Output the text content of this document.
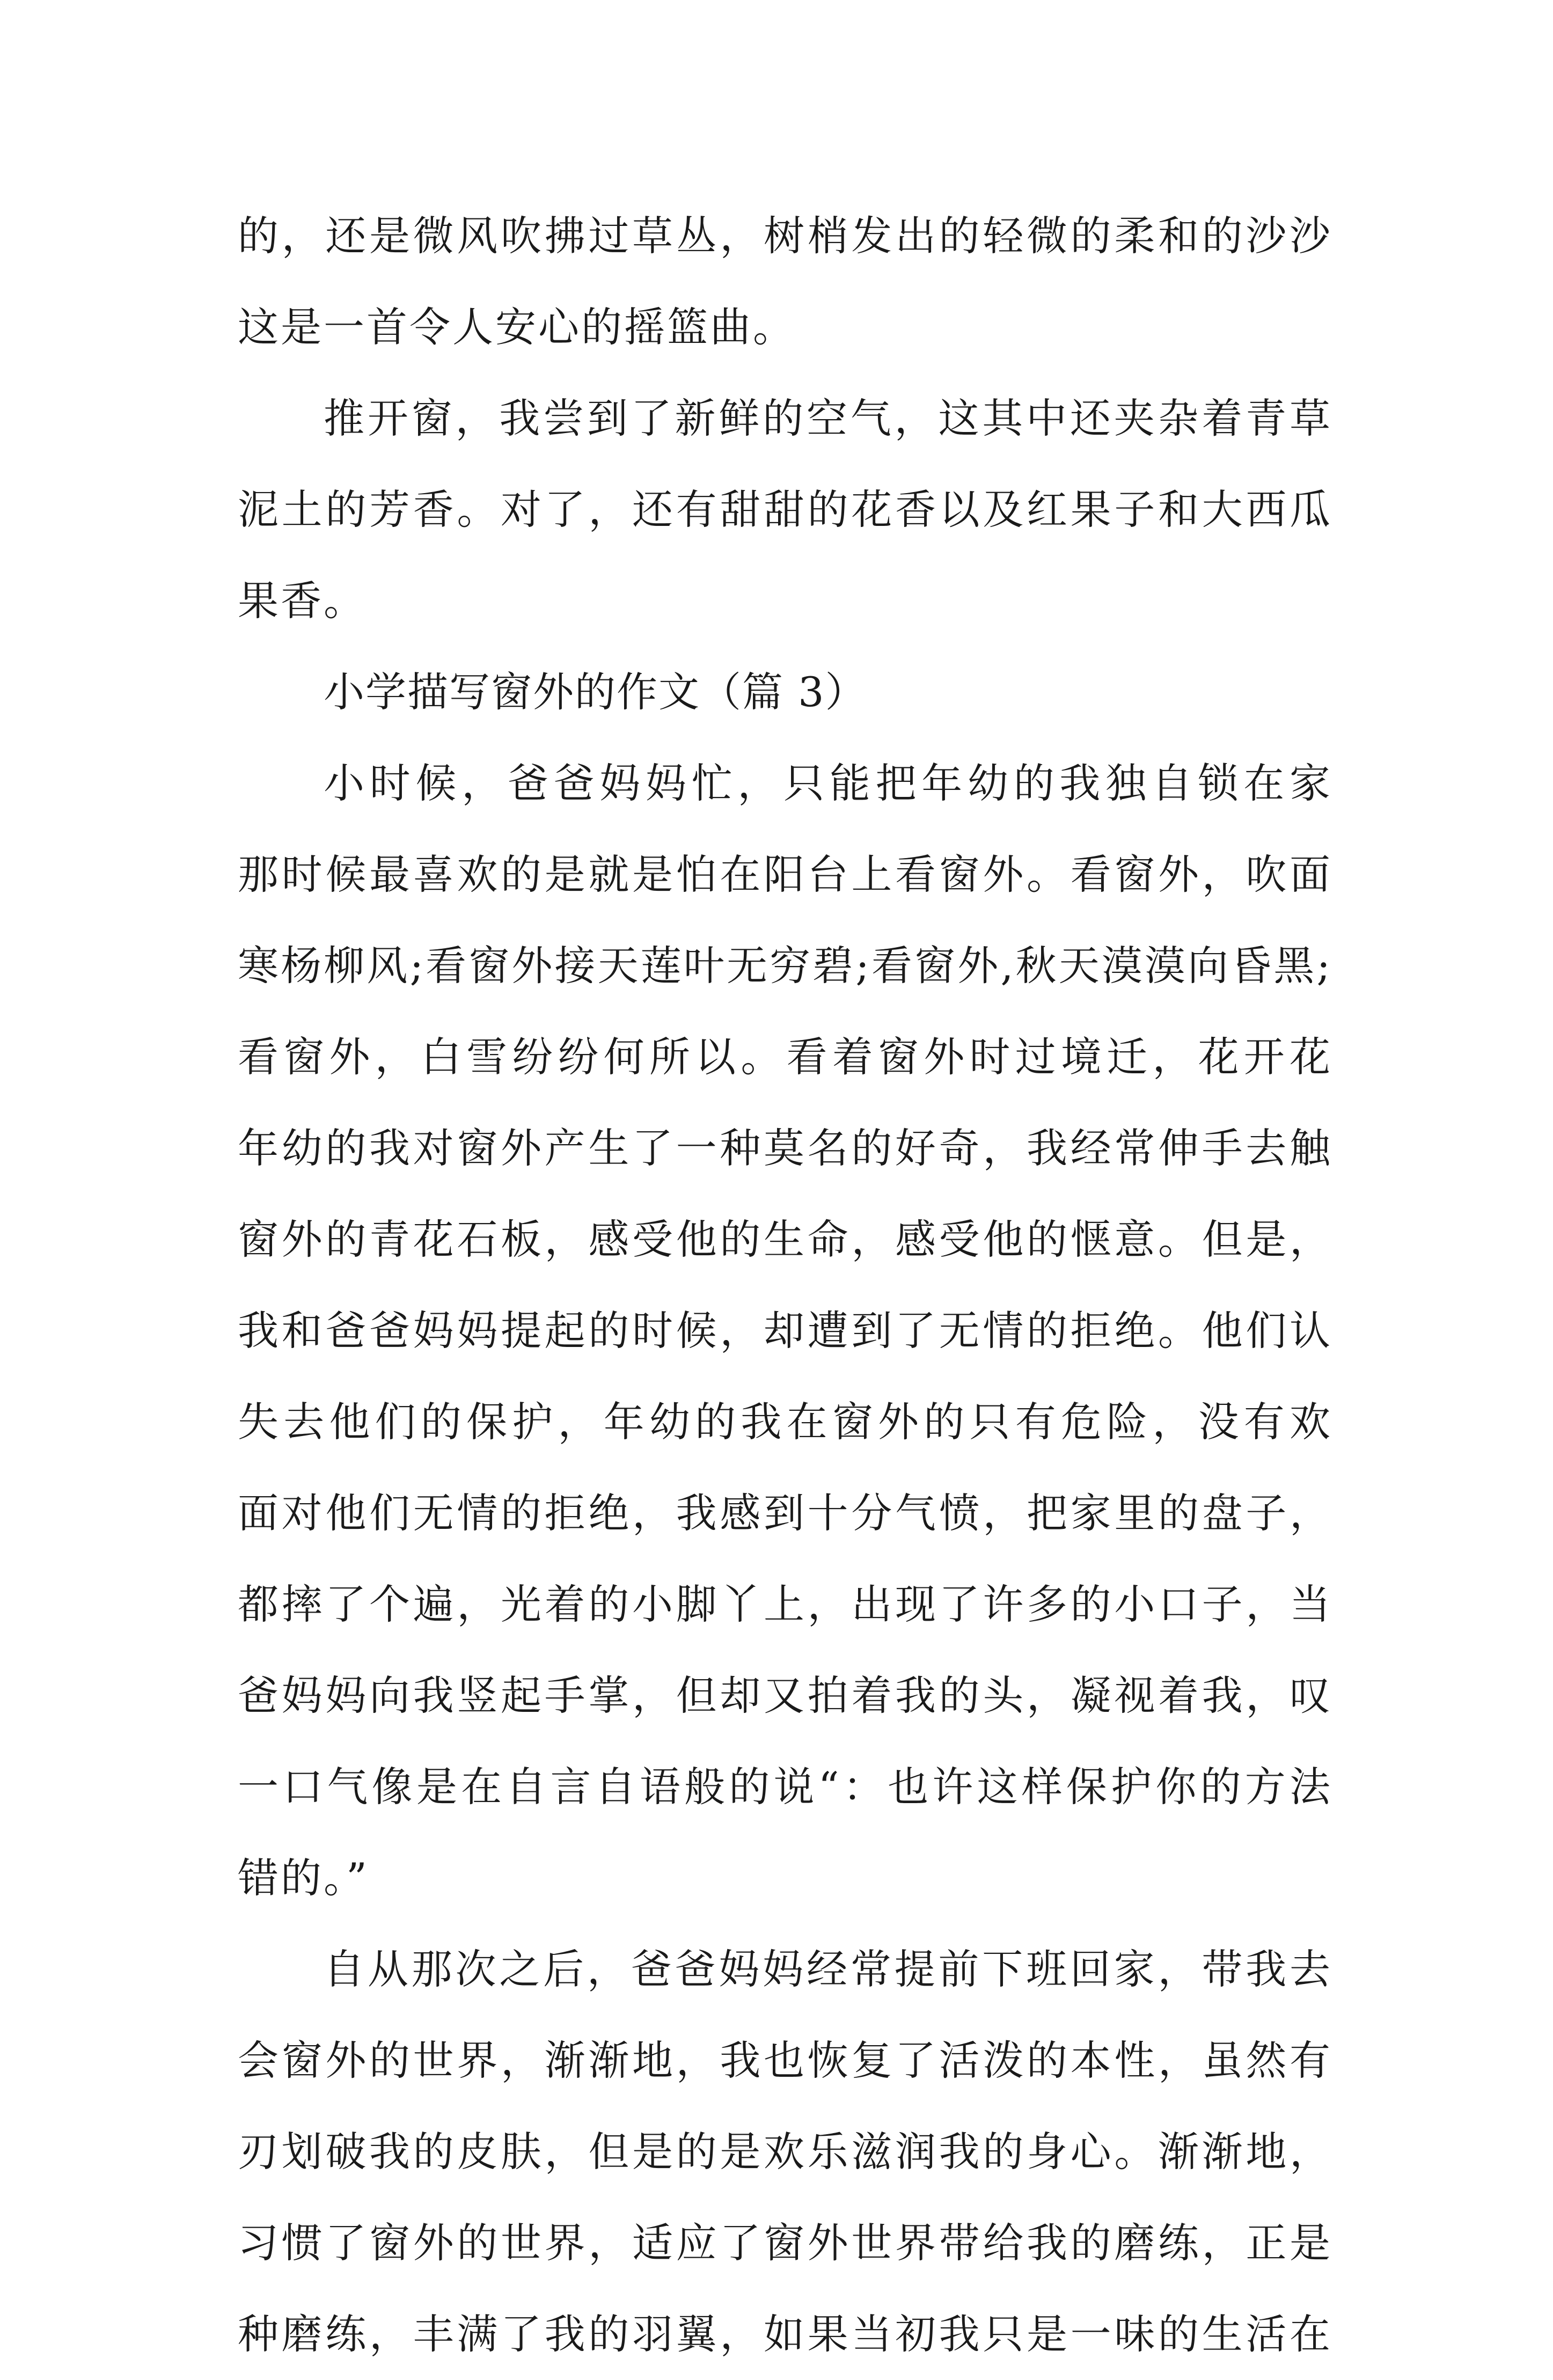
的，还是微风吹拂过草丛，树梢发出的轻微的柔和的沙沙
这是一首令人安心的摇篮曲。
推开窗，我尝到了新鲜的空气，这其中还夹杂着青草
泥土的芳香。对了，还有甜甜的花香以及红果子和大西瓜
果香。
小学描写窗外的作文（篇 3）
小时候，爸爸妈妈忙，只能把年幼的我独自锁在家
那时候最喜欢的是就是怕在阳台上看窗外。看窗外，吹面
寒杨柳风;看窗外接天莲叶无穷碧;看窗外,秋天漠漠向昏黑;
看窗外，白雪纷纷何所以。看着窗外时过境迁，花开花
年幼的我对窗外产生了一种莫名的好奇，我经常伸手去触
窗外的青花石板，感受他的生命，感受他的惬意。但是，
我和爸爸妈妈提起的时候，却遭到了无情的拒绝。他们认
失去他们的保护，年幼的我在窗外的只有危险，没有欢
面对他们无情的拒绝，我感到十分气愤，把家里的盘子，
都摔了个遍，光着的小脚丫上，出现了许多的小口子，当
爸妈妈向我竖起手掌，但却又拍着我的头，凝视着我，叹
一口气像是在自言自语般的说“：也许这样保护你的方法
错的。”
自从那次之后，爸爸妈妈经常提前下班回家，带我去
会窗外的世界，渐渐地，我也恢复了活泼的本性，虽然有
刃划破我的皮肤，但是的是欢乐滋润我的身心。渐渐地，
习惯了窗外的世界，适应了窗外世界带给我的磨练，正是
种磨练，丰满了我的羽翼，如果当初我只是一味的生活在
